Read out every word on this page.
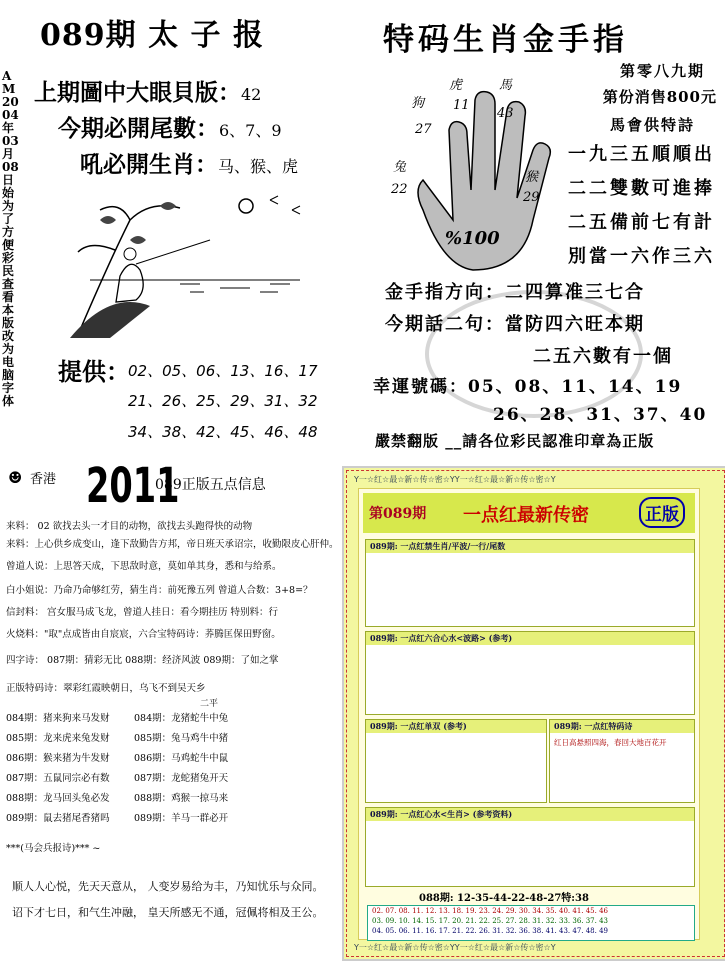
089期 太 子 报
AM2004年03月08日 始为了方便彩民查看本版改为电脑字体
上期圖中大眼貝版：42
今期必開尾數：6、7、9
吼必開生肖：马、猴、虎
提供：
02、05、06、13、16、17
21、26、25、29、31、32
34、38、42、45、46、48
特码生肖金手指
第零八九期
第份消售800元
馬會供特詩
一九三五順順出
二二雙數可進捧
二五備前七有計
別當一六作三六
狗
27
虎
11
馬
43
兔
22
猴
29
%100
金手指方向：二四算准三七合
今期話二句：當防四六旺本期
二五六數有一個
幸運號碼：05、08、11、14、19
26、28、31、37、40
嚴禁翻版 __請各位彩民認准印章為正版
☻ 香港 2011
089正版五点信息
来料： 02 欲找去头一才目的动物，欲找去头跑得快的动物
来料：上心供乡成变山，逢下敌勤告方邦，帝日班天承诏宗，收勤限皮心肝仲。
曾道人说：上思答天成，下思敌时意，莫如单其身，悉和与给系。
白小姐说：乃命乃命够红劳，猜生肖：前死豫五列 曾道人合数：3+8=？
信封料： 宫女服马成飞龙，曾道人挂日：看今期挂历 特别料：行
火烧料："取"点成皆由自宸宸，六合宝特码诗：荞腾匡保田野窗。
四字诗： 087期：猜彩无比 088期：经济风波 089期：了如之掌
正版特码诗：翠彩红霞映朝日，乌飞不到吴天乡
二平
084期：猪来狗来马发财
085期：龙来虎来兔发财
086期：猴来猪为牛发财
087期：五鼠同宗必有数
088期：龙马回头兔必发
089期：鼠去猪尾香猪吗
084期：龙猪蛇牛中兔
085期：兔马鸡牛中猪
086期：马鸡蛇牛中鼠
087期：龙蛇猪兔开天
088期：鸡猴一掠马来
089期：羊马一群必开
***(马会兵报诗)*** ~
顺人人心悦，先天天意从， 人变岁易给为丰，乃知忧乐与众同。
诏下才七日，和气生冲融， 皇天所感无不通，冠佩将相及王公。
Y一☆红☆最☆新☆传☆密☆YY一☆红☆最☆新☆传☆密☆Y
Y一☆红☆最☆新☆传☆密☆YY一☆红☆最☆新☆传☆密☆Y
第089期 一点红最新传密	正版
089期: 一点红禁生肖/平波/一行/尾数
089期: 一点红六合心水<波路> (参考)
089期: 一点红单双 (参考)	089期: 一点红特码诗
红日高悬照四海，春回大地百花开
089期: 一点红心水<生肖> (参考资料)
088期: 12-35-44-22-48-27特:38
02. 07. 08. 11. 12. 13. 18. 19. 23. 24. 29. 30. 34. 35. 40. 41. 45. 46
03. 09. 10. 14. 15. 17. 20. 21. 22. 25. 27. 28. 31. 32. 33. 36. 37. 43
04. 05. 06. 11. 16. 17. 21. 22. 26. 31. 32. 36. 38. 41. 43. 47. 48. 49
